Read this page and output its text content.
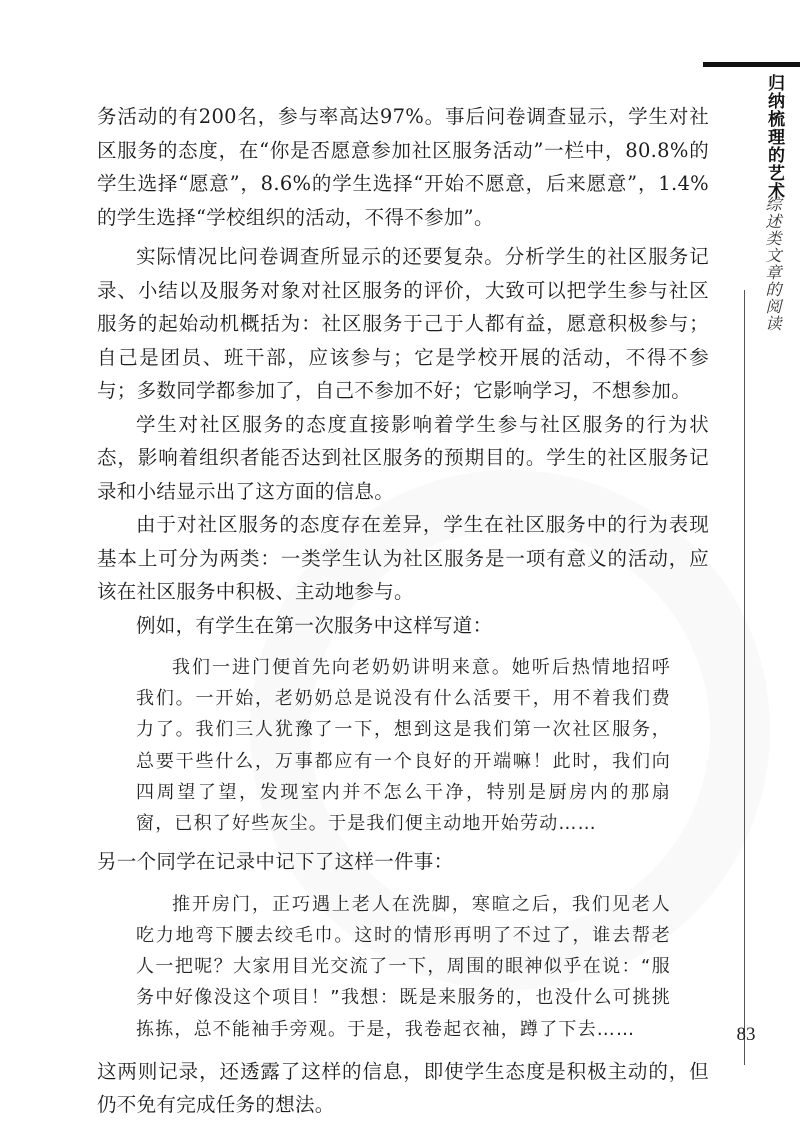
归纳梳理的艺术
综述类文章的阅读

务活动的有200名，参与率高达97%。事后问卷调查显示，学生对社区服务的态度，在“你是否愿意参加社区服务活动”一栏中，80.8%的学生选择“愿意”，8.6%的学生选择“开始不愿意，后来愿意”，1.4%的学生选择“学校组织的活动，不得不参加”。

实际情况比问卷调查所显示的还要复杂。分析学生的社区服务记录、小结以及服务对象对社区服务的评价，大致可以把学生参与社区服务的起始动机概括为：社区服务于己于人都有益，愿意积极参与；自己是团员、班干部，应该参与；它是学校开展的活动，不得不参与；多数同学都参加了，自己不参加不好；它影响学习，不想参加。

学生对社区服务的态度直接影响着学生参与社区服务的行为状态，影响着组织者能否达到社区服务的预期目的。学生的社区服务记录和小结显示出了这方面的信息。

由于对社区服务的态度存在差异，学生在社区服务中的行为表现基本上可分为两类：一类学生认为社区服务是一项有意义的活动，应该在社区服务中积极、主动地参与。

例如，有学生在第一次服务中这样写道：

我们一进门便首先向老奶奶讲明来意。她听后热情地招呼我们。一开始，老奶奶总是说没有什么活要干，用不着我们费力了。我们三人犹豫了一下，想到这是我们第一次社区服务，总要干些什么，万事都应有一个良好的开端嘛！此时，我们向四周望了望，发现室内并不怎么干净，特别是厨房内的那扇窗，已积了好些灰尘。于是我们便主动地开始劳动……

另一个同学在记录中记下了这样一件事：

推开房门，正巧遇上老人在洗脚，寒暄之后，我们见老人吃力地弯下腰去绞毛巾。这时的情形再明了不过了，谁去帮老人一把呢？大家用目光交流了一下，周围的眼神似乎在说：“服务中好像没这个项目！”我想：既是来服务的，也没什么可挑挑拣拣，总不能袖手旁观。于是，我卷起衣袖，蹲了下去……

这两则记录，还透露了这样的信息，即使学生态度是积极主动的，但仍不免有完成任务的想法。

83
